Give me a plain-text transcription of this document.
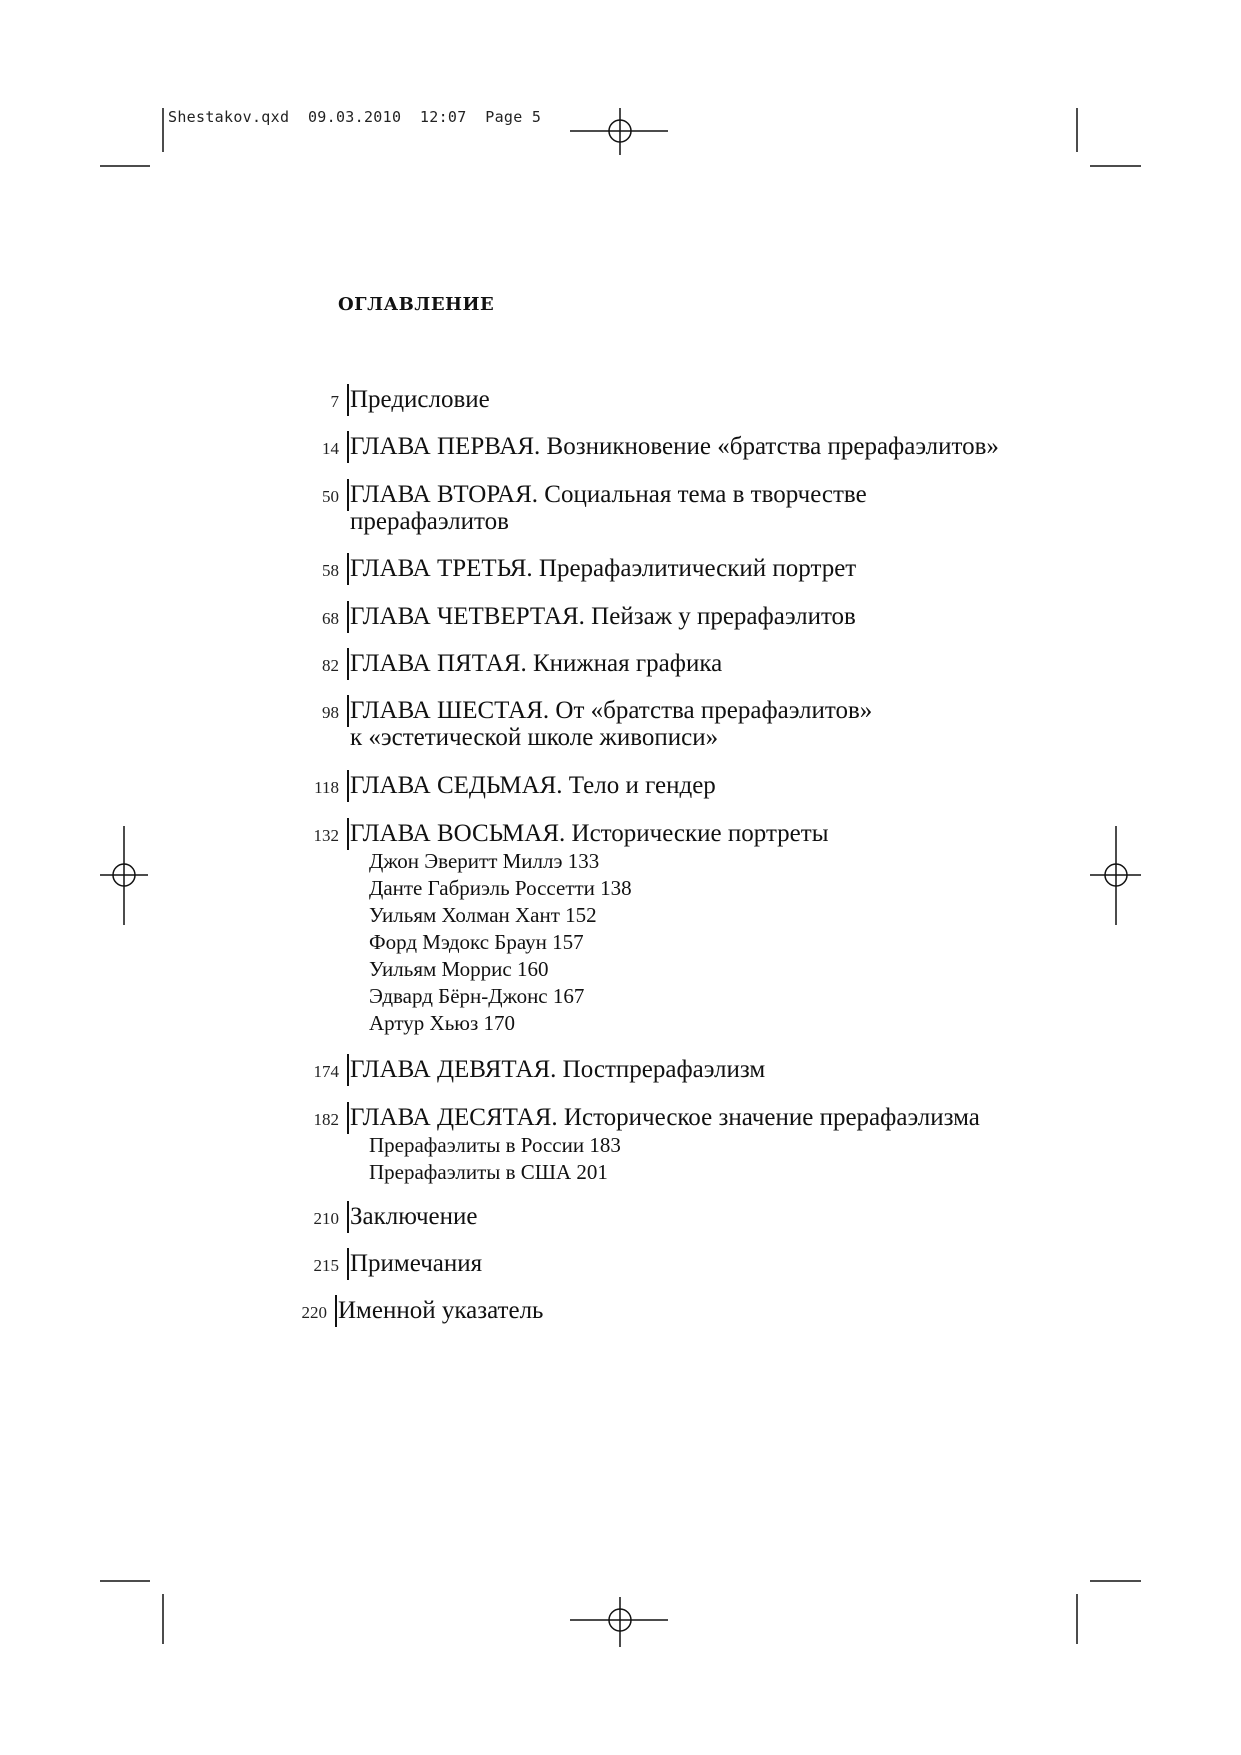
Shestakov.qxd  09.03.2010  12:07  Page 5
ОГЛАВЛЕНИЕ
7 Предисловие
14 ГЛАВА ПЕРВАЯ. Возникновение «братства прерафаэлитов»
50 ГЛАВА ВТОРАЯ. Социальная тема в творчестве
прерафаэлитов
58 ГЛАВА ТРЕТЬЯ. Прерафаэлитический портрет
68 ГЛАВА ЧЕТВЕРТАЯ. Пейзаж у прерафаэлитов
82 ГЛАВА ПЯТАЯ. Книжная графика
98 ГЛАВА ШЕСТАЯ. От «братства прерафаэлитов»
к «эстетической школе живописи»
118 ГЛАВА СЕДЬМАЯ. Тело и гендер
132 ГЛАВА ВОСЬМАЯ. Исторические портреты
Джон Эверитт Миллэ 133
Данте Габриэль Россетти 138
Уильям Холман Хант 152
Форд Мэдокс Браун 157
Уильям Моррис 160
Эдвард Бёрн-Джонс 167
Артур Хьюз 170
174 ГЛАВА ДЕВЯТАЯ. Постпрерафаэлизм
182 ГЛАВА ДЕСЯТАЯ. Историческое значение прерафаэлизма
Прерафаэлиты в России 183
Прерафаэлиты в США 201
210 Заключение
215 Примечания
220 Именной указатель
